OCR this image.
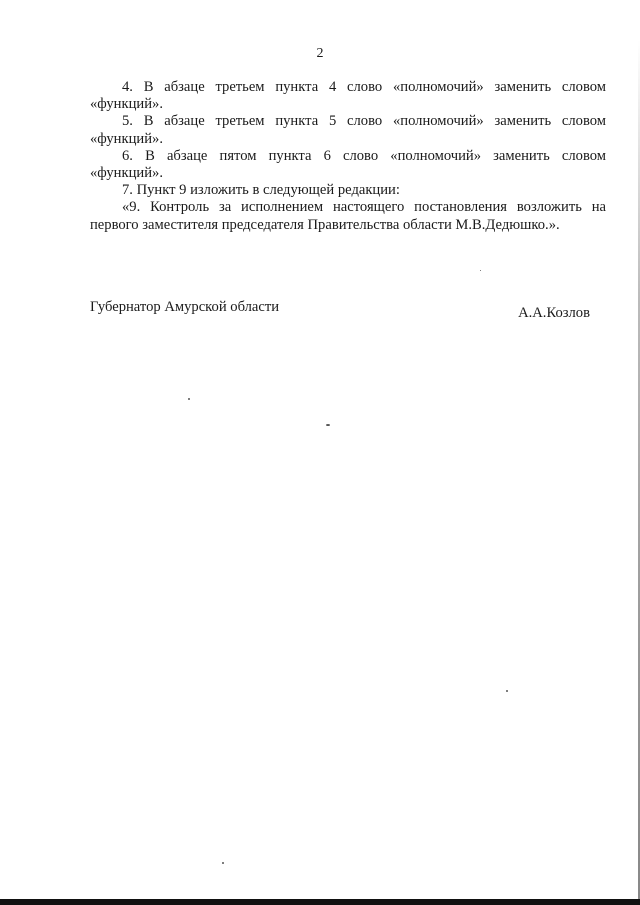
2

4. В абзаце третьем пункта 4 слово «полномочий» заменить словом «функций».

5. В абзаце третьем пункта 5 слово «полномочий» заменить словом «функций».

6. В абзаце пятом пункта 6 слово «полномочий» заменить словом «функций».

7. Пункт 9 изложить в следующей редакции:

«9. Контроль за исполнением настоящего постановления возложить на первого заместителя председателя Правительства области М.В.Дедюшко.».

Губернатор Амурской области	А.А.Козлов
